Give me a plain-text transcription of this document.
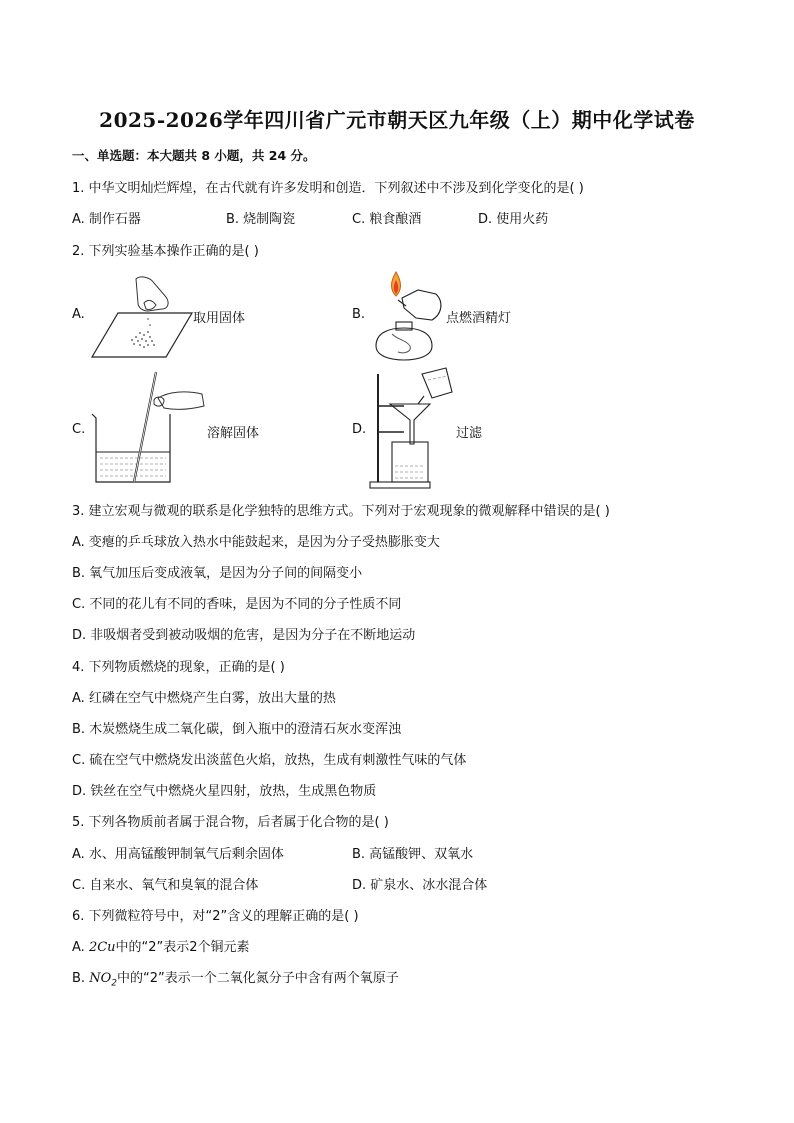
2025-2026学年四川省广元市朝天区九年级（上）期中化学试卷
一、单选题：本大题共 8 小题，共 24 分。
1. 中华文明灿烂辉煌，在古代就有许多发明和创造．下列叙述中不涉及到化学变化的是( )
A. 制作石器	B. 烧制陶瓷	C. 粮食酿酒	D. 使用火药
2. 下列实验基本操作正确的是( )
A.	取用固体	B.	点燃酒精灯
C.	溶解固体	D.	过滤
3. 建立宏观与微观的联系是化学独特的思维方式。下列对于宏观现象的微观解释中错误的是( )
A. 变瘪的乒乓球放入热水中能鼓起来，是因为分子受热膨胀变大
B. 氧气加压后变成液氧，是因为分子间的间隔变小
C. 不同的花儿有不同的香味，是因为不同的分子性质不同
D. 非吸烟者受到被动吸烟的危害，是因为分子在不断地运动
4. 下列物质燃烧的现象，正确的是( )
A. 红磷在空气中燃烧产生白雾，放出大量的热
B. 木炭燃烧生成二氧化碳，倒入瓶中的澄清石灰水变浑浊
C. 硫在空气中燃烧发出淡蓝色火焰，放热，生成有刺激性气味的气体
D. 铁丝在空气中燃烧火星四射，放热，生成黑色物质
5. 下列各物质前者属于混合物，后者属于化合物的是( )
A. 水、用高锰酸钾制氧气后剩余固体	B. 高锰酸钾、双氧水
C. 自来水、氧气和臭氧的混合体	D. 矿泉水、冰水混合体
6. 下列微粒符号中，对“2”含义的理解正确的是( )
A. 2Cu中的“2”表示2个铜元素
B. $NO_2$中的“2”表示一个二氧化氮分子中含有两个氧原子
